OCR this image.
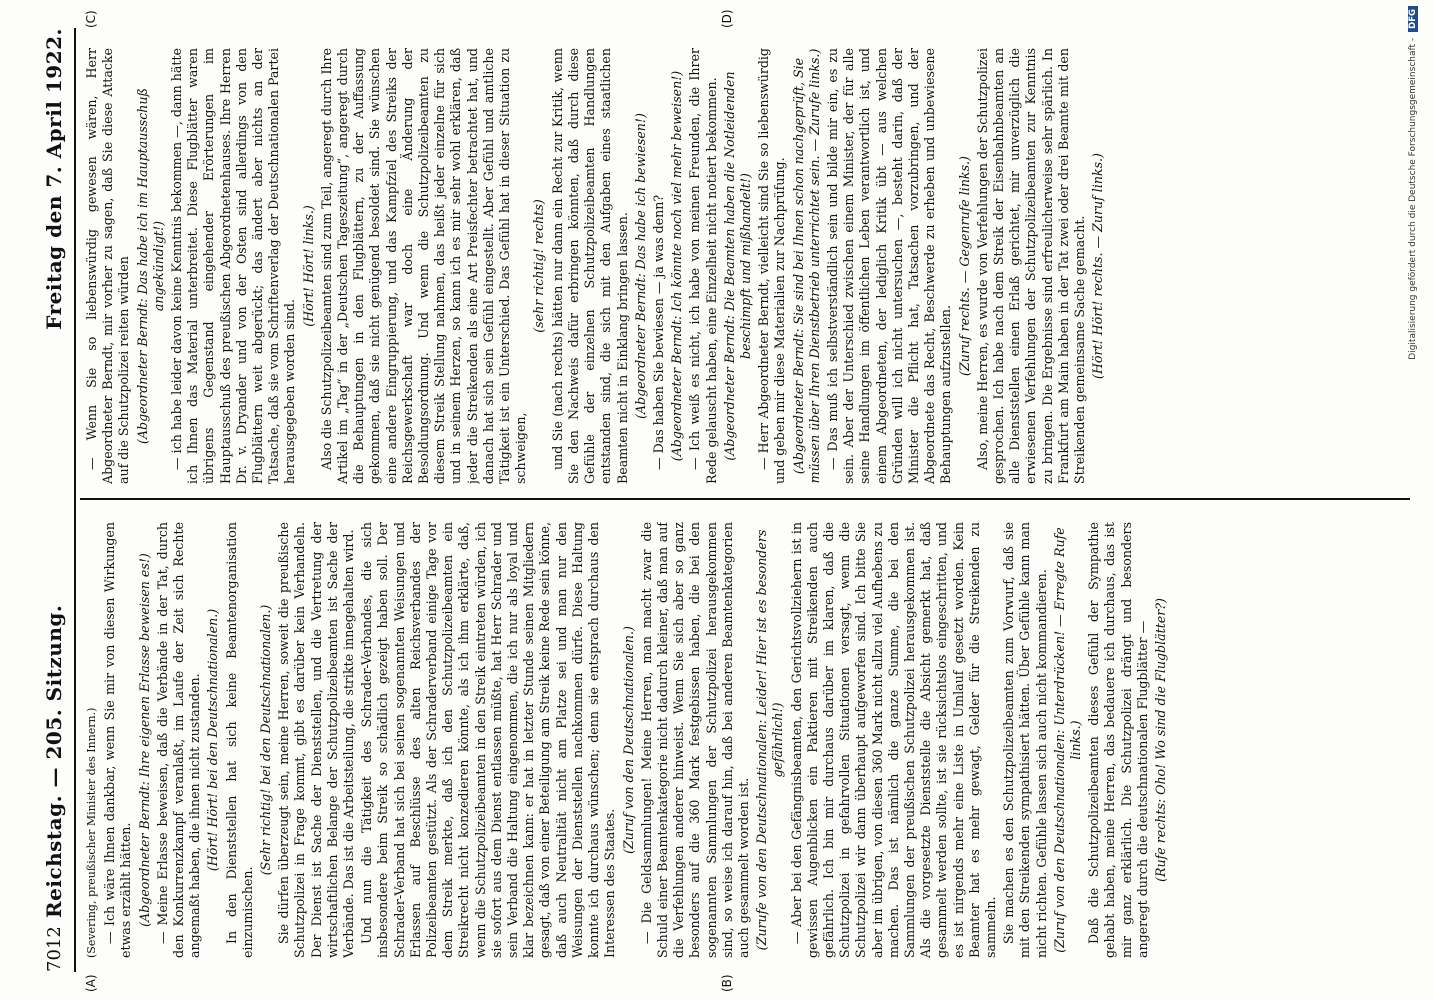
7012
Reichstag. — 205. Sitzung.
Freitag den 7. April 1922.
(A)	(B)
(C)	(D)

(Severing, preußischer Minister des Innern.) — Ich wäre Ihnen dankbar, wenn Sie mir von diesen Wirkungen etwas erzählt hätten. (Abgeordneter Berndt: Ihre eigenen Erlasse beweisen es!) — Meine Erlasse beweisen, daß die Verbände in der Tat, durch den Konkurrenzkampf veranlaßt, im Laufe der Zeit sich Rechte angemaßt haben, die ihnen nicht zustanden. (Hört! Hört! bei den Deutschnationalen.) In den Dienststellen hat sich keine Beamtenorganisation einzumischen.

(Sehr richtig! bei den Deutschnationalen.) Sie dürfen überzeugt sein, meine Herren, soweit die preußische Schutzpolizei in Frage kommt, gibt es darüber kein Verhandeln. Der Dienst ist Sache der Dienststellen, und die Vertretung der wirtschaftlichen Belange der Schutzpolizeibeamten ist Sache der Verbände. Das ist die Arbeitsteilung, die strikte innegehalten wird. Und nun die Tätigkeit des Schrader-Verbandes, die sich insbesondere beim Streik so schädlich gezeigt haben soll. Der Schrader-Verband hat sich bei seinen sogenannten Weisungen und Erlassen auf Beschlüsse des alten Reichsverbandes der Polizeibeamten gestützt. Als der Schraderverband einige Tage vor dem Streik merkte, daß ich den Schutzpolizeibeamten ein Streikrecht nicht konzedieren könnte, als ich ihm erklärte, daß, wenn die Schutzpolizeibeamten in den Streik eintreten würden, ich sie sofort aus dem Dienst entlassen müßte, hat Herr Schrader und sein Verband die Haltung eingenommen, die ich nur als loyal und klar bezeichnen kann: er hat in letzter Stunde seinen Mitgliedern gesagt, daß von einer Beteiligung am Streik keine Rede sein könne, daß auch Neutralität nicht am Platze sei und man nur den Weisungen der Dienststellen nachkommen dürfe. Diese Haltung konnte ich durchaus wünschen; denn sie entsprach durchaus den Interessen des Staates.

(Zuruf von den Deutschnationalen.) — Die Geldsammlungen! Meine Herren, man macht zwar die Schuld einer Beamtenkategorie nicht dadurch kleiner, daß man auf die Verfehlungen anderer hinweist. Wenn Sie sich aber so ganz besonders auf die 360 Mark festgebissen haben, die bei den sogenannten Sammlungen der Schutzpolizei herausgekommen sind, so weise ich darauf hin, daß bei anderen Beamtenkategorien auch gesammelt worden ist. (Zurufe von den Deutschnationalen: Leider! Hier ist es besonders gefährlich!) — Aber bei den Gefängnisbeamten, den Gerichtsvollziehern ist in gewissen Augenblicken ein Paktieren mit Streikenden auch gefährlich. Ich bin mir durchaus darüber im klaren, daß die Schutzpolizei in gefahrvollen Situationen versagt, wenn die Schutzpolizei wir dann überhaupt aufgeworfen sind. Ich bitte Sie aber im übrigen, von diesen 360 Mark nicht allzu viel Aufhebens zu machen. Das ist nämlich die ganze Summe, die bei den Sammlungen der preußischen Schutzpolizei herausgekommen ist. Als die vorgesetzte Dienststelle die Absicht gemerkt hat, daß gesammelt werden sollte, ist sie rücksichtslos eingeschritten, und es ist nirgends mehr eine Liste in Umlauf gesetzt worden. Kein Beamter hat es mehr gewagt, Gelder für die Streikenden zu sammeln. Sie machen es den Schutzpolizeibeamten zum Vorwurf, daß sie mit den Streikenden sympathisiert hätten. Über Gefühle kann man nicht richten. Gefühle lassen sich auch nicht kommandieren. (Zuruf von den Deutschnationalen: Unterdrücken! — Erregte Rufe links.) Daß die Schutzpolizeibeamten dieses Gefühl der Sympathie gehabt haben, meine Herren, das bedauere ich durchaus, das ist mir ganz erklärlich. Die Schutzpolizei drängt und besonders angeregt durch die deutschnationalen Flugblätter — (Rufe rechts: Oho! Wo sind die Flugblätter?)

— Wenn Sie so liebenswürdig gewesen wären, Herr Abgeordneter Berndt, mir vorher zu sagen, daß Sie diese Attacke auf die Schutzpolizei reiten würden (Abgeordneter Berndt: Das habe ich im Hauptausschuß angekündigt!) — ich habe leider davon keine Kenntnis bekommen —, dann hätte ich Ihnen das Material unterbreitet. Diese Flugblätter waren übrigens Gegenstand eingehender Erörterungen im Hauptausschuß des preußischen Abgeordnetenhauses. Ihre Herren Dr. v. Dryander und von der Osten sind allerdings von den Flugblättern weit abgerückt; das ändert aber nichts an der Tatsache, daß sie vom Schriftenverlag der Deutschnationalen Partei herausgegeben worden sind.

(Hört! Hört! links.) Also die Schutzpolizeibeamten sind zum Teil, angeregt durch Ihre Artikel im „Tag“ in der „Deutschen Tageszeitung“, angeregt durch die Behauptungen in den Flugblättern, zu der Auffassung gekommen, daß sie nicht genügend besoldet sind. Sie wünschen eine andere Eingruppierung, und das Kampfziel des Streiks der Reichsgewerkschaft war doch eine Änderung der Besoldungsordnung. Und wenn die Schutzpolizeibeamten zu diesem Streik Stellung nahmen, das heißt jeder einzelne für sich und in seinem Herzen, so kann ich es mir sehr wohl erklären, daß jeder die Streikenden als eine Art Preisfechter betrachtet hat, und danach hat sich sein Gefühl eingestellt. Aber Gefühl und amtliche Tätigkeit ist ein Unterschied. Das Gefühl hat in dieser Situation zu schweigen,

(sehr richtig! rechts) und Sie (nach rechts) hätten nur dann ein Recht zur Kritik, wenn Sie den Nachweis dafür erbringen könnten, daß durch diese Gefühle der einzelnen Schutzpolizeibeamten Handlungen entstanden sind, die sich mit den Aufgaben eines staatlichen Beamten nicht in Einklang bringen lassen. (Abgeordneter Berndt: Das habe ich bewiesen!) — Das haben Sie bewiesen — ja was denn? (Abgeordneter Berndt: Ich könnte noch viel mehr beweisen!) — Ich weiß es nicht, ich habe von meinen Freunden, die Ihrer Rede gelauscht haben, eine Einzelheit nicht notiert bekommen. (Abgeordneter Berndt: Die Beamten haben die Notleidenden beschimpft und mißhandelt!) — Herr Abgeordneter Berndt, vielleicht sind Sie so liebenswürdig und geben mir diese Materialien zur Nachprüfung. (Abgeordneter Berndt: Sie sind bei Ihnen schon nachgeprüft, Sie müssen über Ihren Dienstbetrieb unterrichtet sein. — Zurufe links.) — Das muß ich selbstverständlich sein und bilde mir ein, es zu sein. Aber der Unterschied zwischen einem Minister, der für alle seine Handlungen im öffentlichen Leben verantwortlich ist, und einem Abgeordneten, der lediglich Kritik übt — aus welchen Gründen will ich nicht untersuchen —, besteht darin, daß der Minister die Pflicht hat, Tatsachen vorzubringen, und der Abgeordnete das Recht, Beschwerde zu erheben und unbewiesene Behauptungen aufzustellen.

(Zuruf rechts. — Gegenrufe links.) Also, meine Herren, es wurde von Verfehlungen der Schutzpolizei gesprochen. Ich habe nach dem Streik der Eisenbahnbeamten an alle Dienststellen einen Erlaß gerichtet, mir unverzüglich die erwiesenen Verfehlungen der Schutzpolizeibeamten zur Kenntnis zu bringen. Die Ergebnisse sind erfreulicherweise sehr spärlich. In Frankfurt am Main haben in der Tat zwei oder drei Beamte mit den Streikenden gemeinsame Sache gemacht. (Hört! Hört! rechts. — Zuruf links.)	Digitalisierung gefördert durch die Deutsche Forschungsgemeinschaft -DFG
